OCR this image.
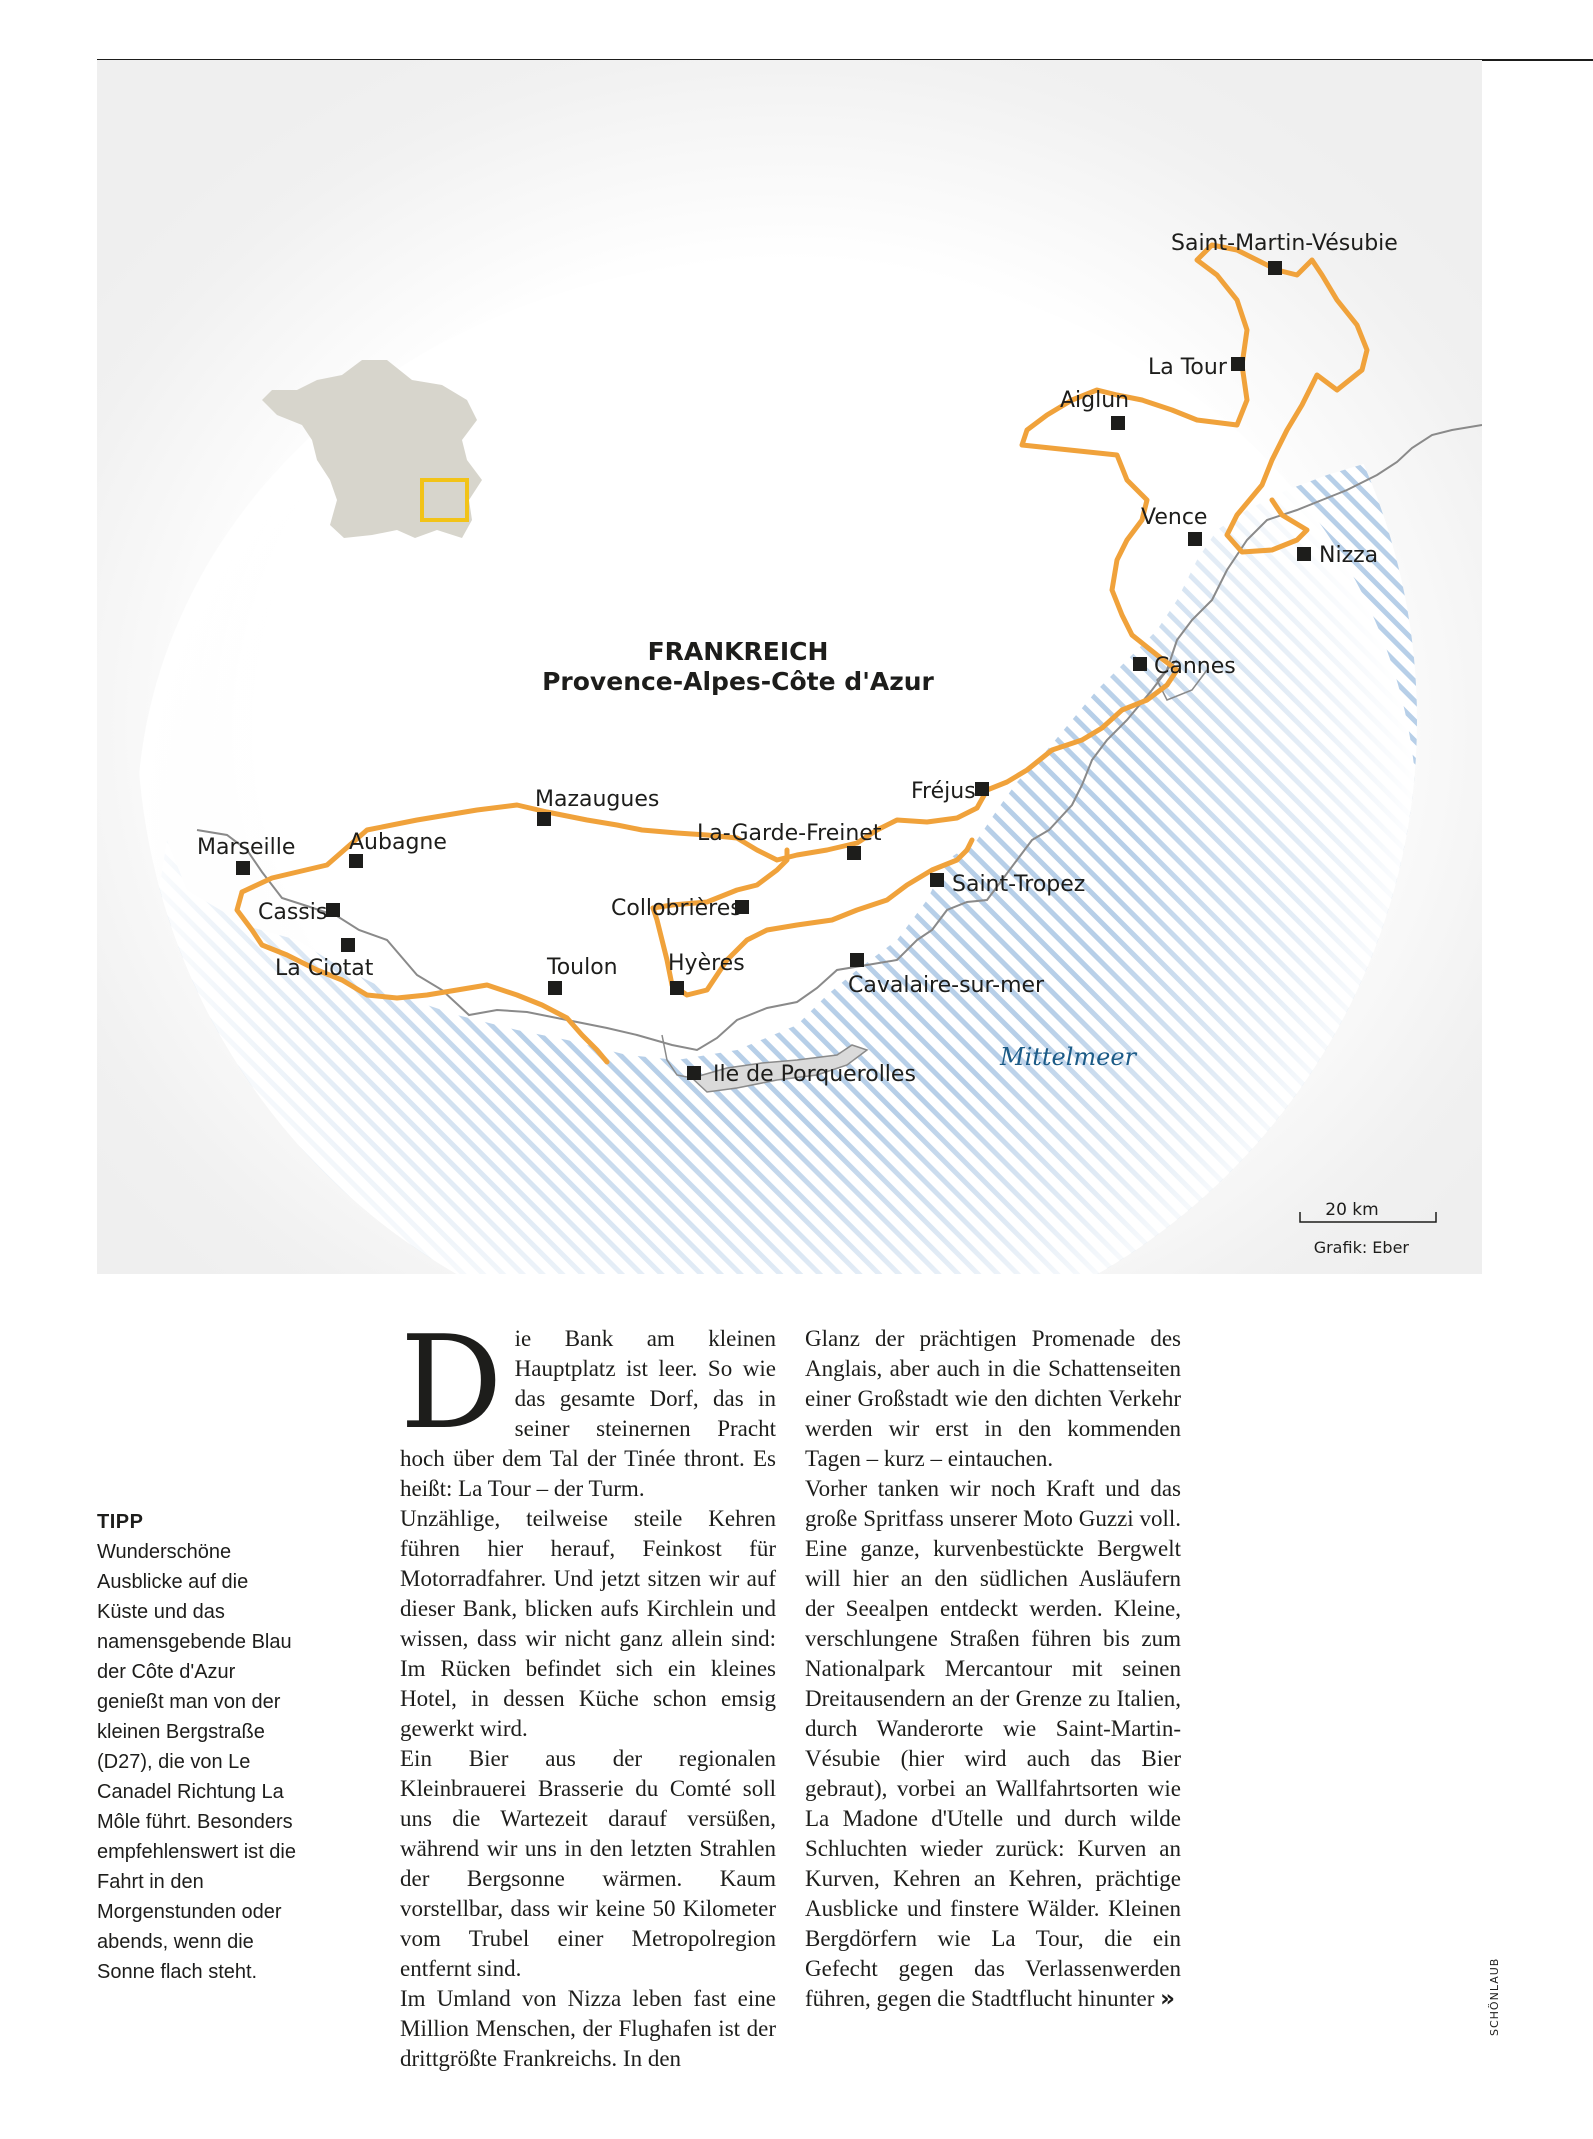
Saint-Martin-Vésubie
La Tour
Aiglun
Vence
Nizza
Cannes
Fréjus
Mazaugues
La-Garde-Freinet
Marseille Aubagne
Cassis
La Ciotat
Collobrières
Saint-Tropez
Toulon Hyères
Cavalaire-sur-mer
Ile de Porquerolles
FRANKREICH
Provence-Alpes-Côte d'Azur
Mittelmeer
20 km
Grafik: Eber
TIPP
Wunderschöne Ausblicke auf die Küste und das namensgebende Blau der Côte d'Azur genießt man von der kleinen Bergstraße (D27), die von Le Canadel Richtung La Môle führt. Besonders empfehlenswert ist die Fahrt in den Morgenstunden oder abends, wenn die Sonne flach steht.
D ie Bank am kleinen Hauptplatz ist leer. So wie das gesamte Dorf, das in seiner steinernen Pracht hoch über dem Tal der Tinée thront. Es heißt: La Tour – der Turm.

Unzählige, teilweise steile Kehren führen hier herauf, Feinkost für Motorradfahrer. Und jetzt sitzen wir auf dieser Bank, blicken aufs Kirchlein und wissen, dass wir nicht ganz allein sind: Im Rücken befindet sich ein kleines Hotel, in dessen Küche schon emsig gewerkt wird.

Ein Bier aus der regionalen Kleinbrauerei Brasserie du Comté soll uns die Wartezeit darauf versüßen, während wir uns in den letzten Strahlen der Bergsonne wärmen. Kaum vorstellbar, dass wir keine 50 Kilometer vom Trubel einer Metropolregion entfernt sind.

Im Umland von Nizza leben fast eine Million Menschen, der Flughafen ist der drittgrößte Frankreichs. In den

Glanz der prächtigen Promenade des Anglais, aber auch in die Schattenseiten einer Großstadt wie den dichten Verkehr werden wir erst in den kommenden Tagen – kurz – eintauchen.

Vorher tanken wir noch Kraft und das große Spritfass unserer Moto Guzzi voll. Eine ganze, kurvenbestückte Bergwelt will hier an den südlichen Ausläufern der Seealpen entdeckt werden. Kleine, verschlungene Straßen führen bis zum Nationalpark Mercantour mit seinen Dreitausendern an der Grenze zu Italien, durch Wanderorte wie Saint-Martin-Vésubie (hier wird auch das Bier gebraut), vorbei an Wallfahrtsorten wie La Madone d'Utelle und durch wilde Schluchten wieder zurück: Kurven an Kurven, Kehren an Kehren, prächtige Ausblicke und finstere Wälder. Kleinen Bergdörfern wie La Tour, die ein Gefecht gegen das Verlassenwerden führen, gegen die Stadtflucht hinunter »	SCHÖNLAUB
